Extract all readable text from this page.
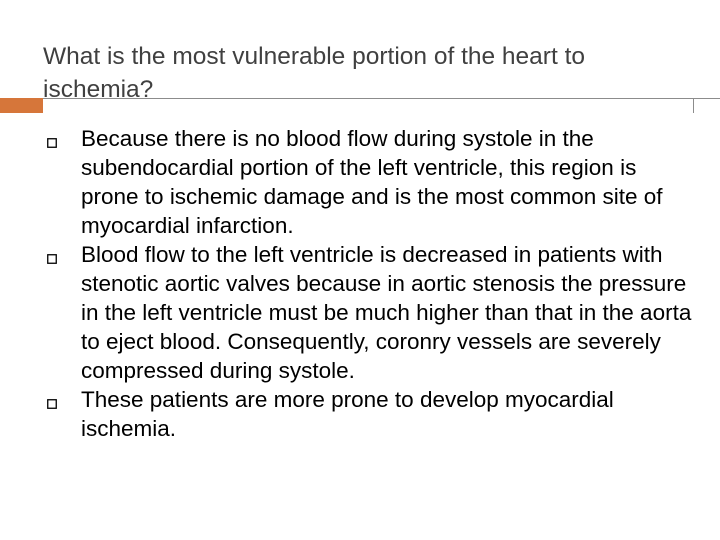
What is the most vulnerable portion of the heart to ischemia?
Because there is no blood flow during systole in the subendocardial portion of the left ventricle, this region is prone to ischemic damage and is the most common site of myocardial infarction.
Blood flow to the left ventricle is decreased in patients with stenotic aortic valves because in aortic stenosis the pressure in the left ventricle must be much higher than that in the aorta to eject blood. Consequently, coronry vessels are severely compressed during systole.
These patients are more prone to develop myocardial ischemia.
